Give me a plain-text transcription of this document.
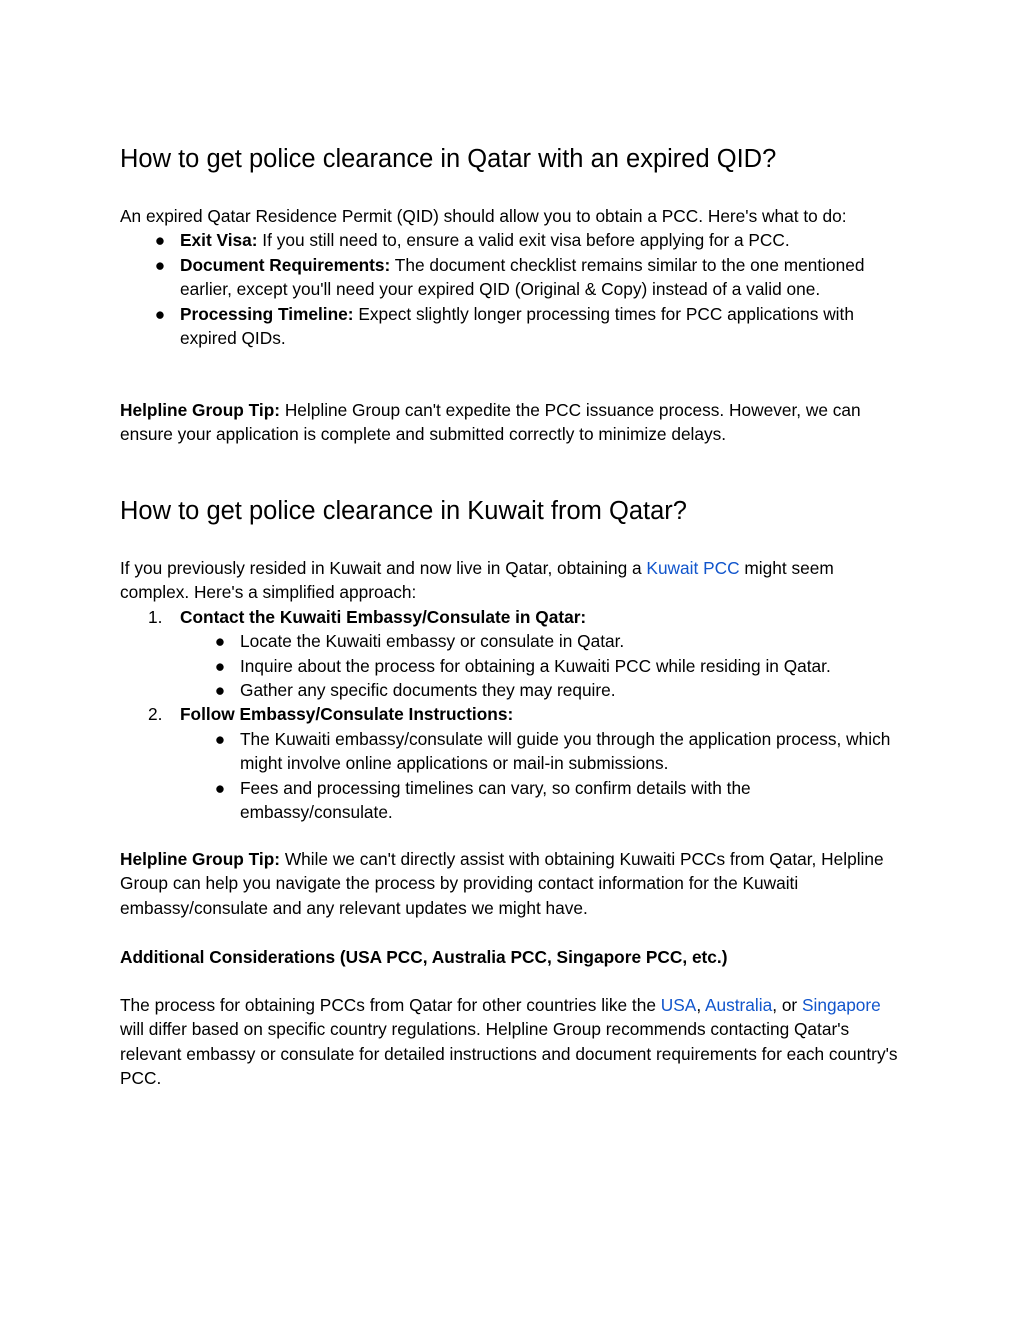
How to get police clearance in Qatar with an expired QID?

An expired Qatar Residence Permit (QID) should allow you to obtain a PCC. Here's what to do:

● Exit Visa: If you still need to, ensure a valid exit visa before applying for a PCC.
● Document Requirements: The document checklist remains similar to the one mentioned earlier, except you'll need your expired QID (Original & Copy) instead of a valid one.
● Processing Timeline: Expect slightly longer processing times for PCC applications with expired QIDs.

Helpline Group Tip: Helpline Group can't expedite the PCC issuance process. However, we can ensure your application is complete and submitted correctly to minimize delays.

How to get police clearance in Kuwait from Qatar?

If you previously resided in Kuwait and now live in Qatar, obtaining a Kuwait PCC might seem complex. Here's a simplified approach:

1.	Contact the Kuwaiti Embassy/Consulate in Qatar:
● Locate the Kuwaiti embassy or consulate in Qatar.
● Inquire about the process for obtaining a Kuwaiti PCC while residing in Qatar.
● Gather any specific documents they may require.
2.	Follow Embassy/Consulate Instructions:
● The Kuwaiti embassy/consulate will guide you through the application process, which might involve online applications or mail-in submissions.
● Fees and processing timelines can vary, so confirm details with the embassy/consulate.

Helpline Group Tip: While we can't directly assist with obtaining Kuwaiti PCCs from Qatar, Helpline Group can help you navigate the process by providing contact information for the Kuwaiti embassy/consulate and any relevant updates we might have.

Additional Considerations (USA PCC, Australia PCC, Singapore PCC, etc.)

The process for obtaining PCCs from Qatar for other countries like the USA, Australia, or Singapore will differ based on specific country regulations. Helpline Group recommends contacting Qatar's relevant embassy or consulate for detailed instructions and document requirements for each country's PCC.
